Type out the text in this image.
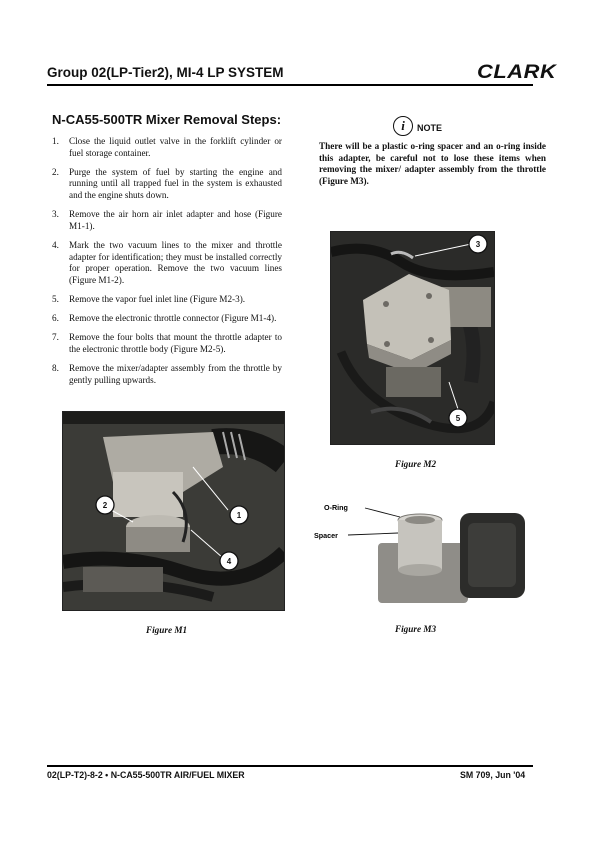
Group 02(LP-Tier2), MI-4 LP SYSTEM	CLARK
N-CA55-500TR Mixer Removal Steps:
1. Close the liquid outlet valve in the forklift cylinder or fuel storage container.
2. Purge the system of fuel by starting the engine and running until all trapped fuel in the system is exhausted and the engine shuts down.
3. Remove the air horn air inlet adapter and hose (Figure M1-1).
4. Mark the two vacuum lines to the mixer and throttle adapter for identification; they must be installed correctly for proper operation. Remove the two vacuum lines (Figure M1-2).
5. Remove the vapor fuel inlet line (Figure M2-3).
6. Remove the electronic throttle connector (Figure M1-4).
7. Remove the four bolts that mount the throttle adapter to the electronic throttle body (Figure M2-5).
8. Remove the mixer/adapter assembly from the throttle by gently pulling upwards.
i	NOTE

There will be a plastic o-ring spacer and an o-ring inside this adapter, be careful not to lose these items when removing the mixer/ adapter assembly from the throttle (Figure M3).

3
5
Figure M2
2
1
4
Figure M1
O-Ring
Spacer
Figure M3
02(LP-T2)-8-2 • N-CA55-500TR AIR/FUEL MIXER	SM 709, Jun '04
